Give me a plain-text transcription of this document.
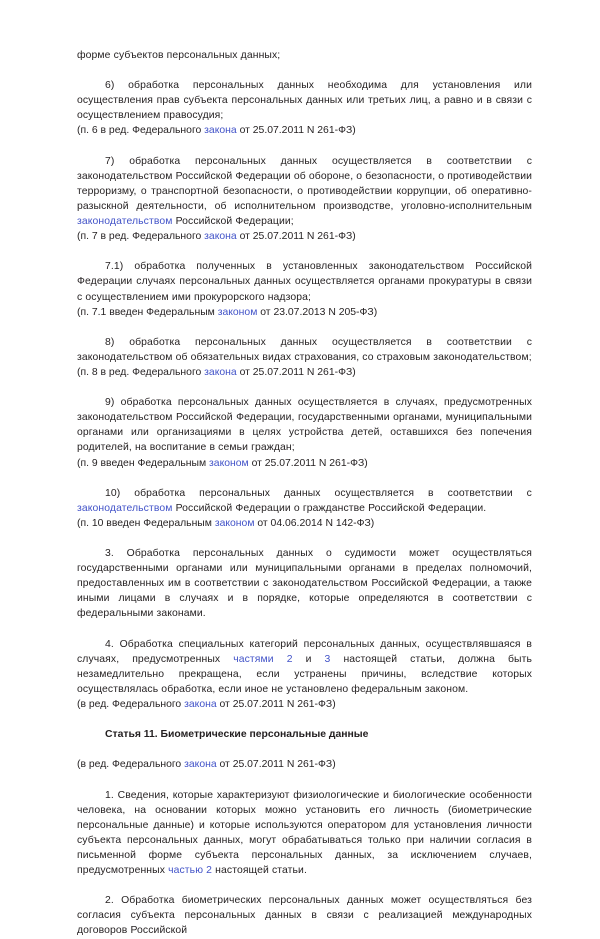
форме субъектов персональных данных;

6) обработка персональных данных необходима для установления или осуществления прав субъекта персональных данных или третьих лиц, а равно и в связи с осуществлением правосудия;

(п. 6 в ред. Федерального закона от 25.07.2011 N 261-ФЗ)

7) обработка персональных данных осуществляется в соответствии с законодательством Российской Федерации об обороне, о безопасности, о противодействии терроризму, о транспортной безопасности, о противодействии коррупции, об оперативно-разыскной деятельности, об исполнительном производстве, уголовно-исполнительным законодательством Российской Федерации;

(п. 7 в ред. Федерального закона от 25.07.2011 N 261-ФЗ)

7.1) обработка полученных в установленных законодательством Российской Федерации случаях персональных данных осуществляется органами прокуратуры в связи с осуществлением ими прокурорского надзора;

(п. 7.1 введен Федеральным законом от 23.07.2013 N 205-ФЗ)

8) обработка персональных данных осуществляется в соответствии с законодательством об обязательных видах страхования, со страховым законодательством;

(п. 8 в ред. Федерального закона от 25.07.2011 N 261-ФЗ)

9) обработка персональных данных осуществляется в случаях, предусмотренных законодательством Российской Федерации, государственными органами, муниципальными органами или организациями в целях устройства детей, оставшихся без попечения родителей, на воспитание в семьи граждан;

(п. 9 введен Федеральным законом от 25.07.2011 N 261-ФЗ)

10) обработка персональных данных осуществляется в соответствии с законодательством Российской Федерации о гражданстве Российской Федерации.

(п. 10 введен Федеральным законом от 04.06.2014 N 142-ФЗ)

3. Обработка персональных данных о судимости может осуществляться государственными органами или муниципальными органами в пределах полномочий, предоставленных им в соответствии с законодательством Российской Федерации, а также иными лицами в случаях и в порядке, которые определяются в соответствии с федеральными законами.

4. Обработка специальных категорий персональных данных, осуществлявшаяся в случаях, предусмотренных частями 2 и 3 настоящей статьи, должна быть незамедлительно прекращена, если устранены причины, вследствие которых осуществлялась обработка, если иное не установлено федеральным законом.

(в ред. Федерального закона от 25.07.2011 N 261-ФЗ)

Статья 11. Биометрические персональные данные

(в ред. Федерального закона от 25.07.2011 N 261-ФЗ)

1. Сведения, которые характеризуют физиологические и биологические особенности человека, на основании которых можно установить его личность (биометрические персональные данные) и которые используются оператором для установления личности субъекта персональных данных, могут обрабатываться только при наличии согласия в письменной форме субъекта персональных данных, за исключением случаев, предусмотренных частью 2 настоящей статьи.

2. Обработка биометрических персональных данных может осуществляться без согласия субъекта персональных данных в связи с реализацией международных договоров Российской
